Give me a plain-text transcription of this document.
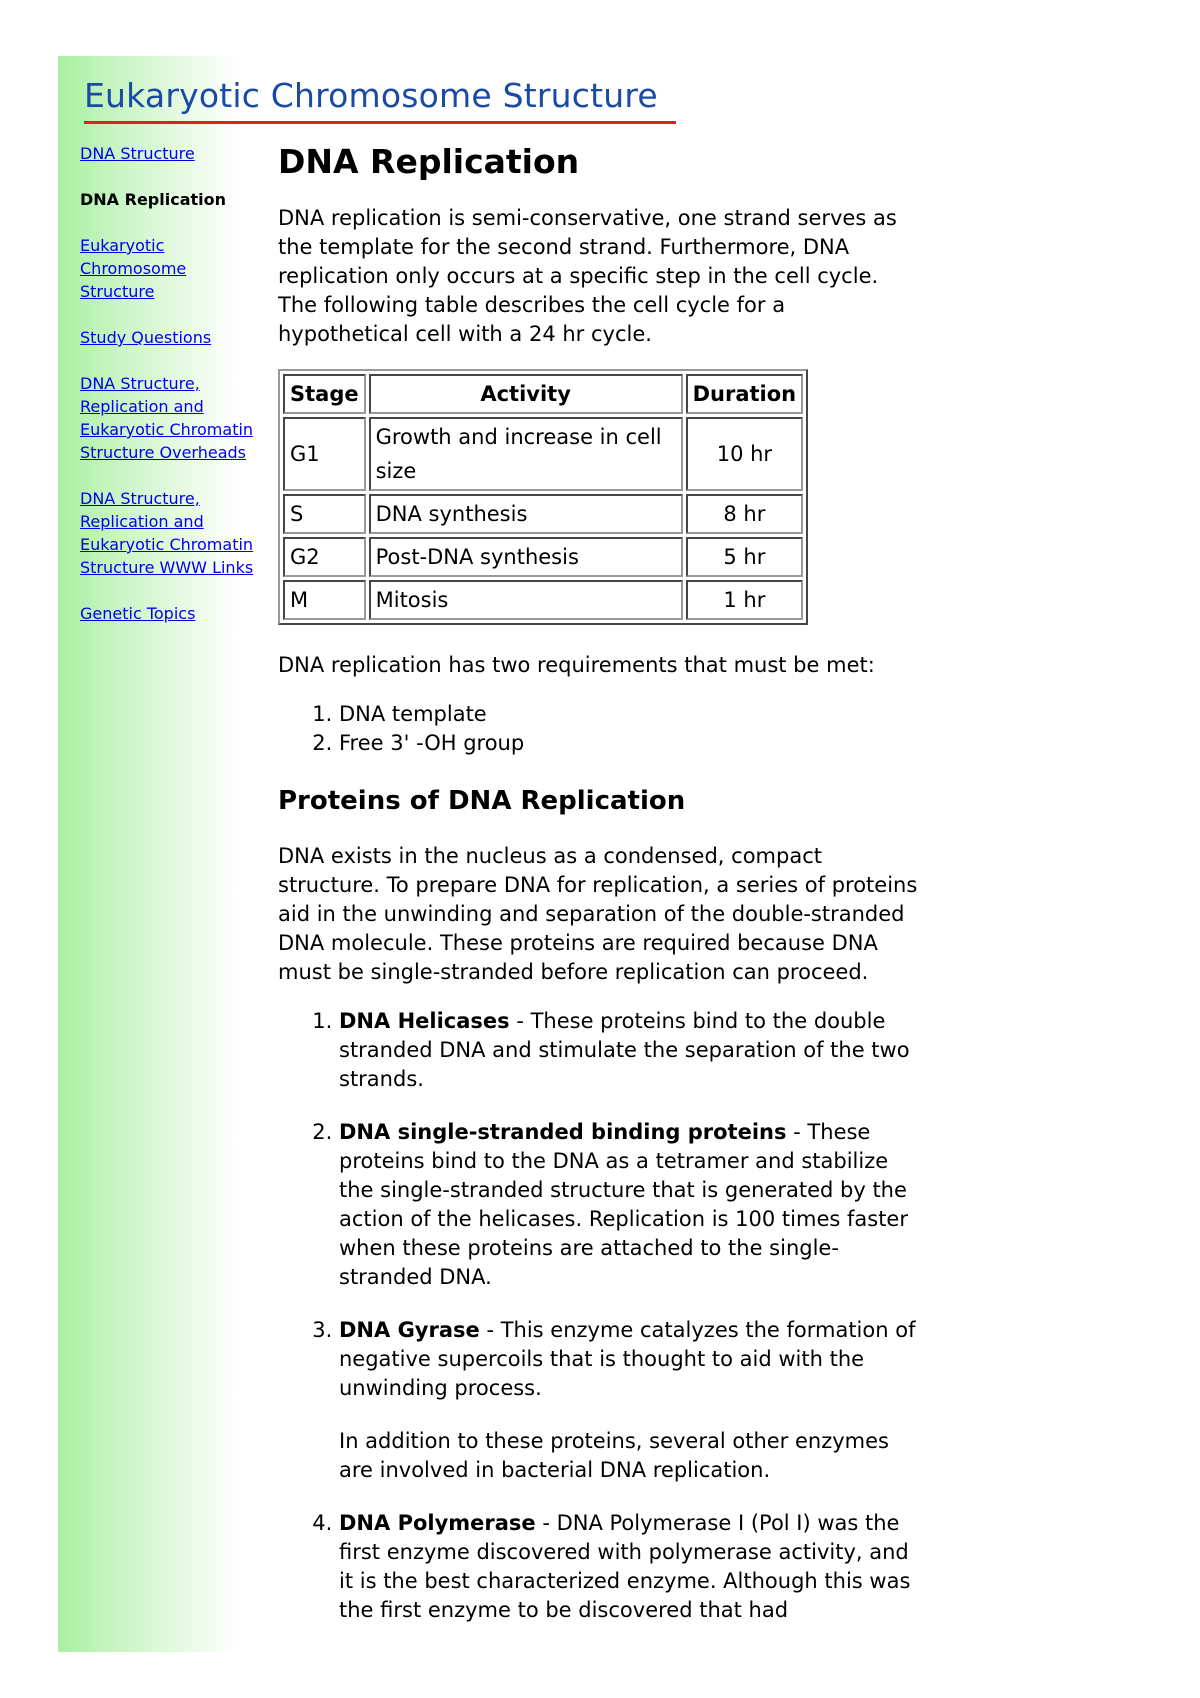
Eukaryotic Chromosome Structure
DNA Structure
DNA Replication
Eukaryotic Chromosome Structure
Study Questions
DNA Structure, Replication and Eukaryotic Chromatin Structure Overheads
DNA Structure, Replication and Eukaryotic Chromatin Structure WWW Links
Genetic Topics
DNA Replication

DNA replication is semi-conservative, one strand serves as the template for the second strand. Furthermore, DNA replication only occurs at a specific step in the cell cycle. The following table describes the cell cycle for a hypothetical cell with a 24 hr cycle.

Stage	Activity	Duration
G1	Growth and increase in cell size	10 hr
S	DNA synthesis	8 hr
G2	Post-DNA synthesis	5 hr
M	Mitosis	1 hr

DNA replication has two requirements that must be met:

1. DNA template
2. Free 3' -OH group
Proteins of DNA Replication

DNA exists in the nucleus as a condensed, compact structure. To prepare DNA for replication, a series of proteins aid in the unwinding and separation of the double-stranded DNA molecule. These proteins are required because DNA must be single-stranded before replication can proceed.

1. DNA Helicases - These proteins bind to the double stranded DNA and stimulate the separation of the two strands.
2. DNA single-stranded binding proteins - These proteins bind to the DNA as a tetramer and stabilize the single-stranded structure that is generated by the action of the helicases. Replication is 100 times faster when these proteins are attached to the single-stranded DNA.
3. DNA Gyrase - This enzyme catalyzes the formation of negative supercoils that is thought to aid with the unwinding process.

In addition to these proteins, several other enzymes are involved in bacterial DNA replication.

4. DNA Polymerase - DNA Polymerase I (Pol I) was the first enzyme discovered with polymerase activity, and it is the best characterized enzyme. Although this was the first enzyme to be discovered that had
